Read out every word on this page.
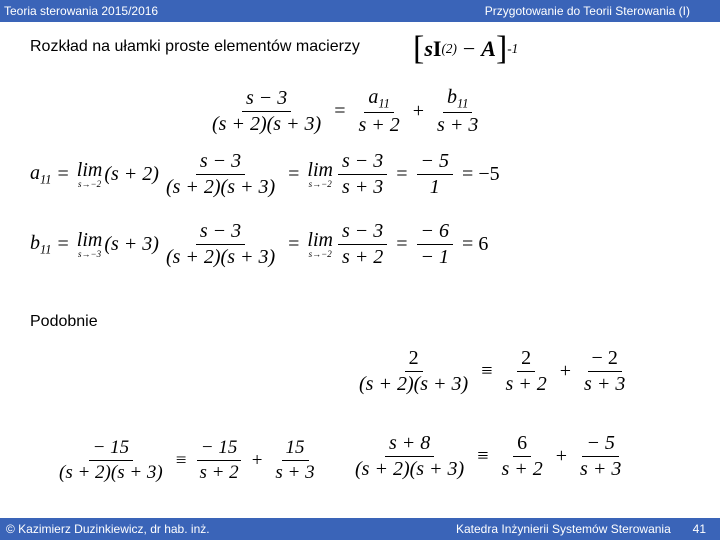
Teoria sterowania 2015/2016	Przygotowanie do Teorii Sterowania (I)
Rozkład na ułamki proste elementów macierzy [ s I (2) − A ] -1
$\frac{s - 3}{(s + 2)(s + 3)} = \frac{a_{11}}{s + 2} + \frac{b_{11}}{s + 3}$
$a_{11} = \lim$
s→−2 $(s + 2) \frac{s - 3}{(s + 2)(s + 3)} = \lim$
$s\to-2 \frac{s - 3}{s + 3} = \frac{- 5}{1} = -5$
$b_{11} = \lim$
s→−3 $(s + 3) \frac{s - 3}{(s + 2)(s + 3)} = \lim$
$s\to-2 \frac{s - 3}{s + 2} = \frac{- 6}{- 1} = 6$
Podobnie
$\frac{2}{(s + 2)(s + 3)} \equiv \frac{2}{s + 2} + \frac{- 2}{s + 3}$
$\frac{- 15}{(s + 2)(s + 3)} \equiv \frac{- 15}{s + 2} + \frac{15}{s + 3} \frac{s + 8}{(s + 2)(s + 3)} \equiv \frac{6}{s + 2} + \frac{- 5}{s + 3}$
© Kazimierz Duzinkiewicz, dr hab. inż.	Katedra Inżynierii Systemów Sterowania 41
